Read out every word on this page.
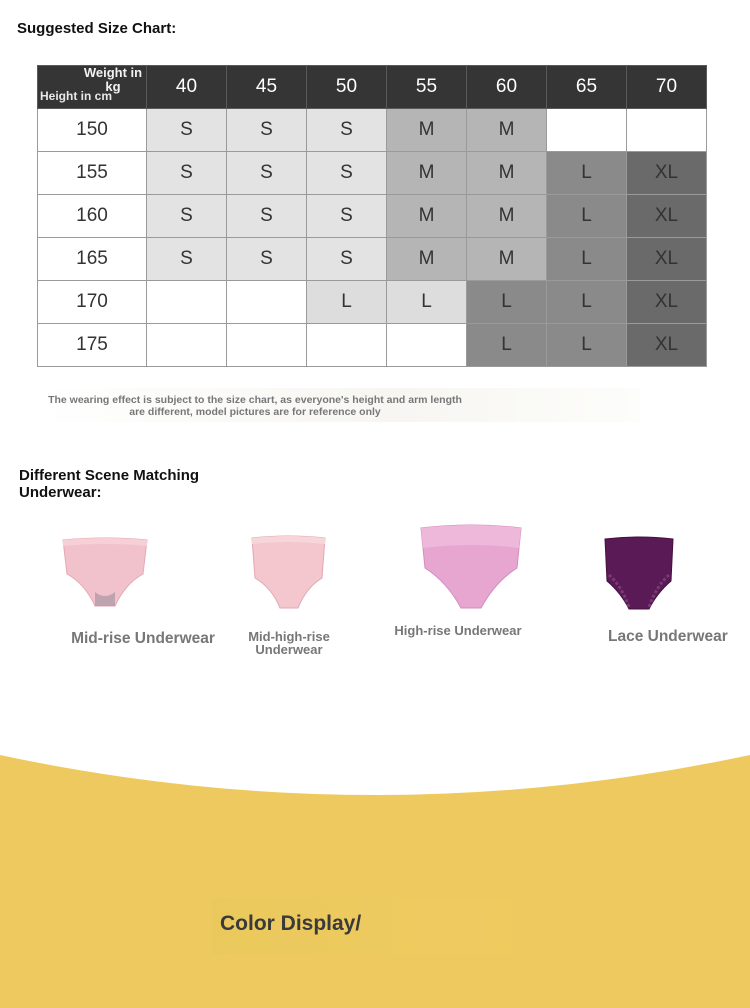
Suggested Size Chart:
Weight in kg
Height in cm	40	45	50	55	60	65	70
150	S	S	S	M	M		
155	S	S	S	M	M	L	XL
160	S	S	S	M	M	L	XL
165	S	S	S	M	M	L	XL
170			L	L	L	L	XL
175					L	L	XL

The wearing effect is subject to the size chart, as everyone's height and arm length are different, model pictures are for reference only

Different Scene Matching Underwear:
Mid-rise Underwear	Mid-high-rise Underwear
High-rise Underwear	Lace Underwear
Color Display/
